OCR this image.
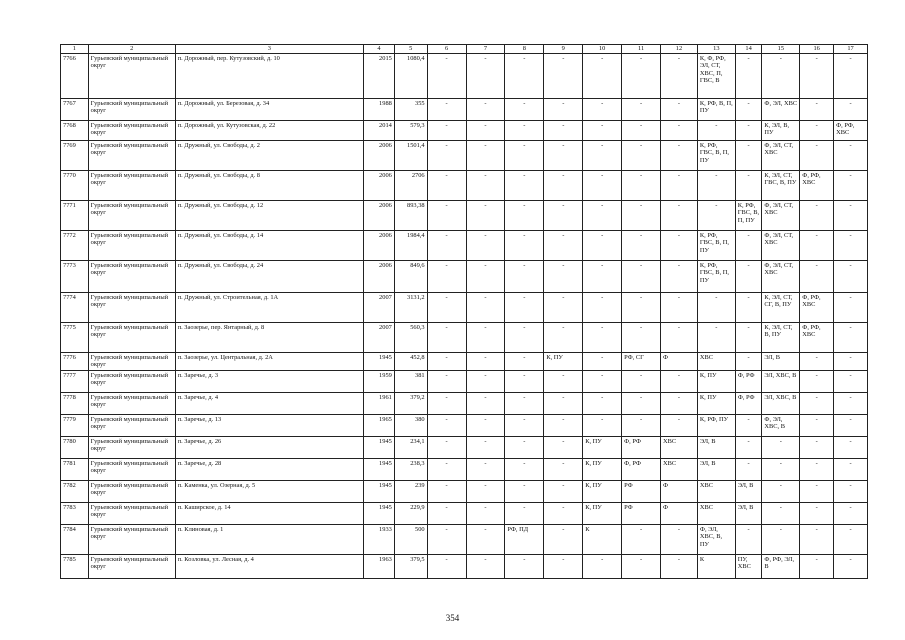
1	2	3	4	5	6	7	8	9	10	11	12	13	14	15	16	17
7766	Гурьевский муниципальный округ	п. Дорожный, пер. Кутузовский, д. 10	2015	1080,4	-	-	-	-	-	-	-	К, Ф, РФ, ЭЛ, СТ, ХВС, П, ГВС, В	-	-	-	-
7767	Гурьевский муниципальный округ	п. Дорожный, ул. Березовая, д. 34	1988	355	-	-	-	-	-	-	-	К, РФ, В, П, ПУ	-	Ф, ЭЛ, ХВС	-	-
7768	Гурьевский муниципальный округ	п. Дорожный, ул. Кутузовская, д. 22	2014	579,3	-	-	-	-	-	-	-	-	-	К, ЭЛ, В, ПУ	-	Ф, РФ, ХВС
7769	Гурьевский муниципальный округ	п. Дружный, ул. Свободы, д. 2	2006	1501,4	-	-	-	-	-	-	-	К, РФ, ГВС, В, П, ПУ	-	Ф, ЭЛ, СТ, ХВС	-	-
7770	Гурьевский муниципальный округ	п. Дружный, ул. Свободы, д. 8	2006	2706	-	-	-	-	-	-	-	-	-	К, ЭЛ, СТ, ГВС, В, ПУ	Ф, РФ, ХВС	-
7771	Гурьевский муниципальный округ	п. Дружный, ул. Свободы, д. 12	2006	893,38	-	-	-	-	-	-	-	-	К, РФ, ГВС, В, П, ПУ	Ф, ЭЛ, СТ, ХВС	-	-
7772	Гурьевский муниципальный округ	п. Дружный, ул. Свободы, д. 14	2006	1984,4	-	-	-	-	-	-	-	К, РФ, ГВС, В, П, ПУ	-	Ф, ЭЛ, СТ, ХВС	-	-
7773	Гурьевский муниципальный округ	п. Дружный, ул. Свободы, д. 24	2006	849,6	-	-	-	-	-	-	-	К, РФ, ГВС, В, П, ПУ	-	Ф, ЭЛ, СТ, ХВС	-	-
7774	Гурьевский муниципальный округ	п. Дружный, ул. Строительная, д. 1А	2007	3131,2	-	-	-	-	-	-	-	-	-	К, ЭЛ, СТ, СГ, В, ПУ	Ф, РФ, ХВС	-
7775	Гурьевский муниципальный округ	п. Заозерье, пер. Янтарный, д. 8	2007	560,3	-	-	-	-	-	-	-	-	-	К, ЭЛ, СТ, В, ПУ	Ф, РФ, ХВС	-
7776	Гурьевский муниципальный округ	п. Заозерье, ул. Центральная, д. 2А	1945	452,8	-	-	-	К, ПУ	-	РФ, СГ	Ф	ХВС	-	ЭЛ, В	-	-
7777	Гурьевский муниципальный округ	п. Заречье, д. 3	1959	381	-	-	-	-	-	-	-	К, ПУ	Ф, РФ	ЭЛ, ХВС, В	-	-
7778	Гурьевский муниципальный округ	п. Заречье, д. 4	1961	379,2	-	-	-	-	-	-	-	К, ПУ	Ф, РФ	ЭЛ, ХВС, В	-	-
7779	Гурьевский муниципальный округ	п. Заречье, д. 13	1965	380	-	-	-	-	-	-	-	К, РФ, ПУ	-	Ф, ЭЛ, ХВС, В	-	-
7780	Гурьевский муниципальный округ	п. Заречье, д. 26	1945	234,1	-	-	-	-	К, ПУ	Ф, РФ	ХВС	ЭЛ, В	-	-	-	-
7781	Гурьевский муниципальный округ	п. Заречье, д. 28	1945	238,3	-	-	-	-	К, ПУ	Ф, РФ	ХВС	ЭЛ, В	-	-	-	-
7782	Гурьевский муниципальный округ	п. Каменка, ул. Озерная, д. 5	1945	239	-	-	-	-	К, ПУ	РФ	Ф	ХВС	ЭЛ, В	-	-	-
7783	Гурьевский муниципальный округ	п. Каширское, д. 14	1945	229,9	-	-	-	-	К, ПУ	РФ	Ф	ХВС	ЭЛ, В	-	-	-
7784	Гурьевский муниципальный округ	п. Клиновая, д. 1	1933	500	-	-	РФ, ПД	-	К	-	-	Ф, ЭЛ, ХВС, В, ПУ	-	-	-	-
7785	Гурьевский муниципальный округ	п. Козловка, ул. Лесная, д. 4	1963	379,5	-	-	-	-	-	-	-	К	ПУ, ХВС	Ф, РФ, ЭЛ, В	-	-
354
